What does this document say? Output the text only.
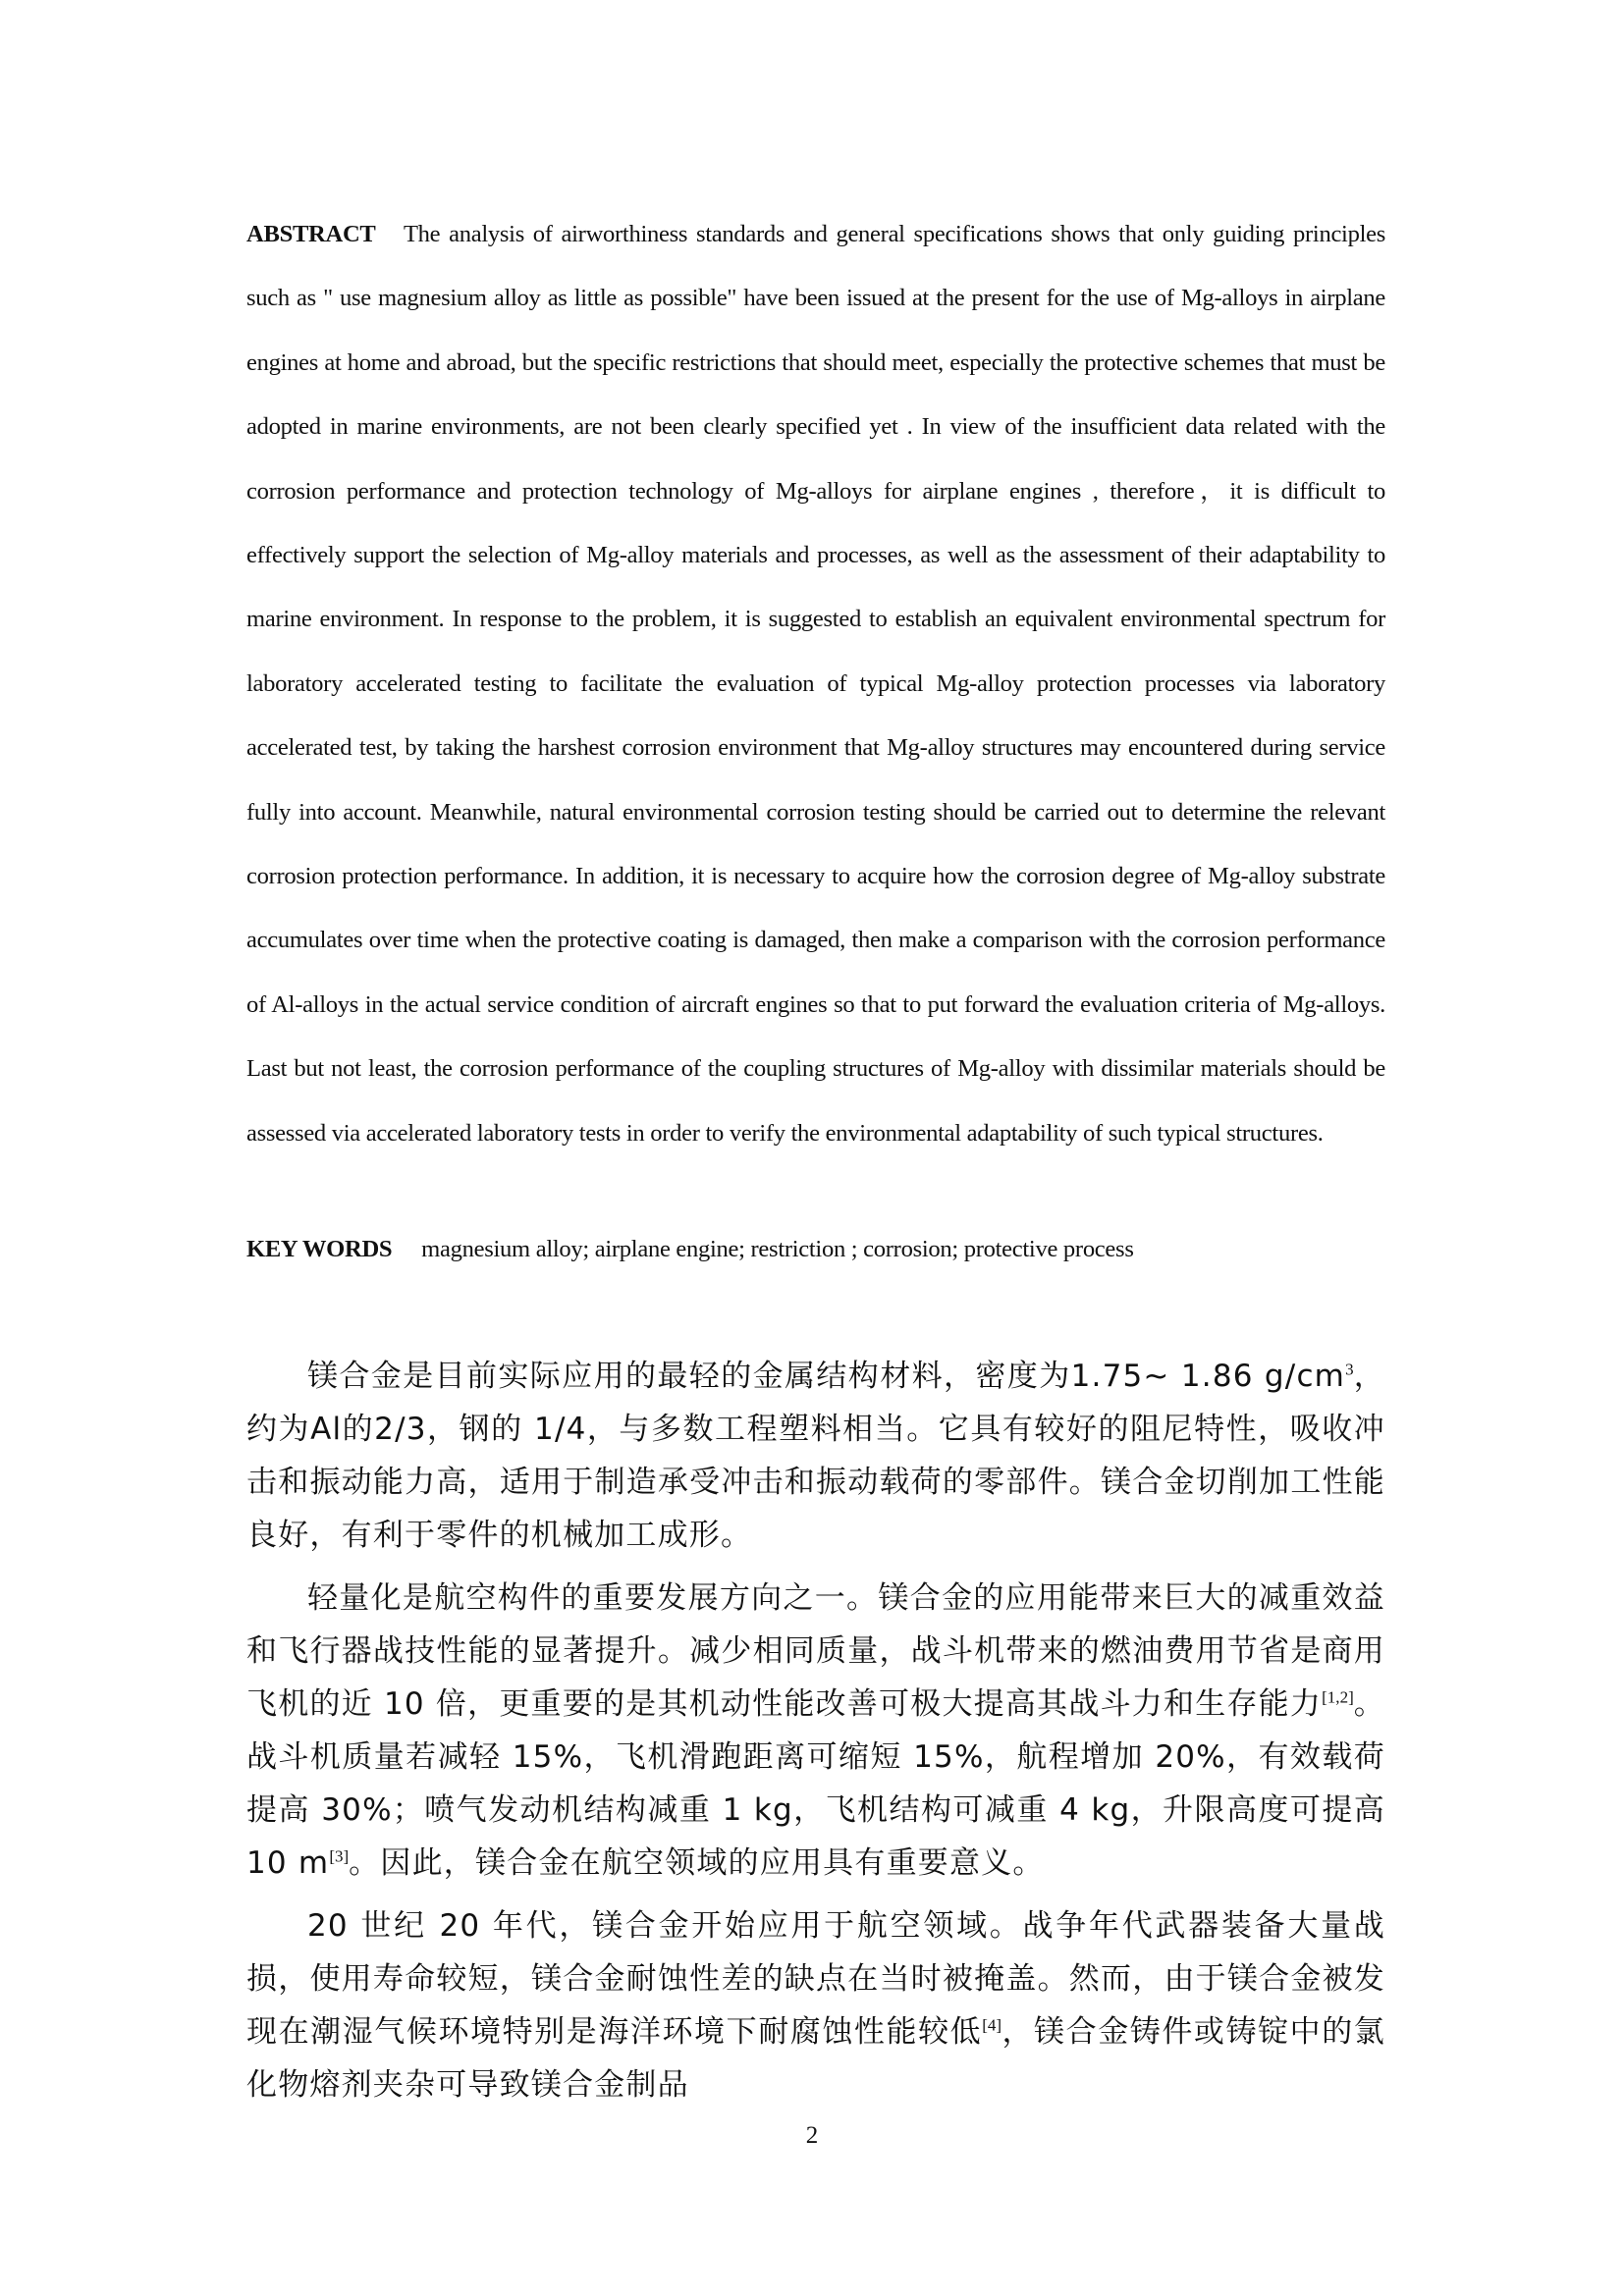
ABSTRACT The analysis of airworthiness standards and general specifications shows that only guiding principles such as " use magnesium alloy as little as possible" have been issued at the present for the use of Mg-alloys in airplane engines at home and abroad, but the specific restrictions that should meet, especially the protective schemes that must be adopted in marine environments, are not been clearly specified yet . In view of the insufficient data related with the corrosion performance and protection technology of Mg-alloys for airplane engines , therefore，it is difficult to effectively support the selection of Mg-alloy materials and processes, as well as the assessment of their adaptability to marine environment. In response to the problem, it is suggested to establish an equivalent environmental spectrum for laboratory accelerated testing to facilitate the evaluation of typical Mg-alloy protection processes via laboratory accelerated test, by taking the harshest corrosion environment that Mg-alloy structures may encountered during service fully into account. Meanwhile, natural environmental corrosion testing should be carried out to determine the relevant corrosion protection performance. In addition, it is necessary to acquire how the corrosion degree of Mg-alloy substrate accumulates over time when the protective coating is damaged, then make a comparison with the corrosion performance of Al-alloys in the actual service condition of aircraft engines so that to put forward the evaluation criteria of Mg-alloys. Last but not least, the corrosion performance of the coupling structures of Mg-alloy with dissimilar materials should be assessed via accelerated laboratory tests in order to verify the environmental adaptability of such typical structures.
KEY WORDS magnesium alloy; airplane engine; restriction ; corrosion; protective process

镁合金是目前实际应用的最轻的金属结构材料，密度为1.75~ 1.86 g/cm$^3$，约为Al的2/3，钢的 1/4，与多数工程塑料相当。它具有较好的阻尼特性，吸收冲击和振动能力高，适用于制造承受冲击和振动载荷的零部件。镁合金切削加工性能良好，有利于零件的机械加工成形。

轻量化是航空构件的重要发展方向之一。镁合金的应用能带来巨大的减重效益和飞行器战技性能的显著提升。减少相同质量，战斗机带来的燃油费用节省是商用飞机的近 10 倍，更重要的是其机动性能改善可极大提高其战斗力和生存能力[1,2]。战斗机质量若减轻 15%，飞机滑跑距离可缩短 15%，航程增加 20%，有效载荷提高 30%；喷气发动机结构减重 1 kg，飞机结构可减重 4 kg，升限高度可提高 10 m[3]。因此，镁合金在航空领域的应用具有重要意义。

20 世纪 20 年代，镁合金开始应用于航空领域。战争年代武器装备大量战损，使用寿命较短，镁合金耐蚀性差的缺点在当时被掩盖。然而，由于镁合金被发现在潮湿气候环境特别是海洋环境下耐腐蚀性能较低[4]，镁合金铸件或铸锭中的氯化物熔剂夹杂可导致镁合金制品

2
